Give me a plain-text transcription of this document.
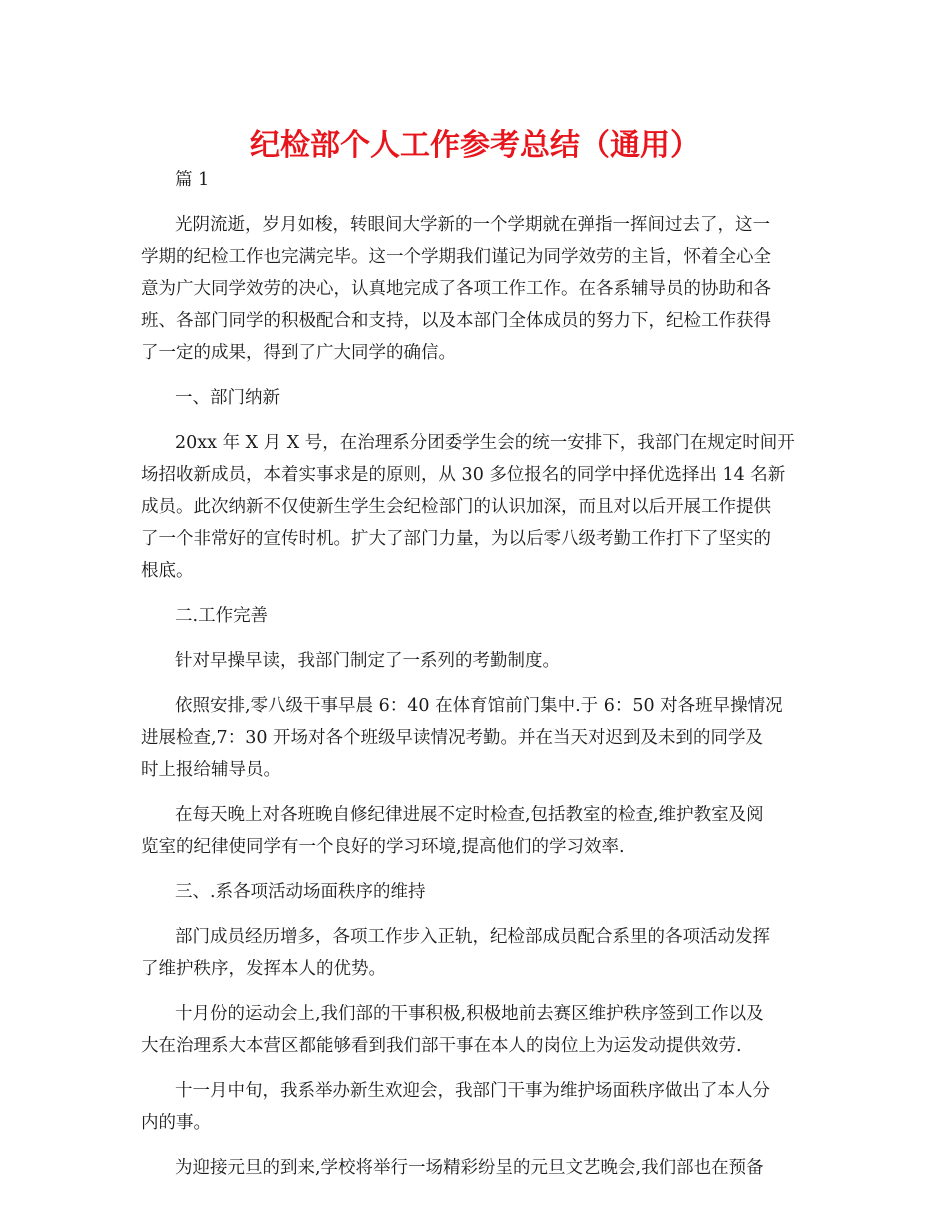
纪检部个人工作参考总结（通用）
篇 1
光阴流逝，岁月如梭，转眼间大学新的一个学期就在弹指一挥间过去了，这一
学期的纪检工作也完满完毕。这一个学期我们谨记为同学效劳的主旨，怀着全心全
意为广大同学效劳的决心，认真地完成了各项工作工作。在各系辅导员的协助和各
班、各部门同学的积极配合和支持，以及本部门全体成员的努力下，纪检工作获得
了一定的成果，得到了广大同学的确信。
一、部门纳新
20xx 年 X 月 X 号，在治理系分团委学生会的统一安排下，我部门在规定时间开
场招收新成员，本着实事求是的原则，从 30 多位报名的同学中择优选择出 14 名新
成员。此次纳新不仅使新生学生会纪检部门的认识加深，而且对以后开展工作提供
了一个非常好的宣传时机。扩大了部门力量，为以后零八级考勤工作打下了坚实的
根底。
二.工作完善
针对早操早读，我部门制定了一系列的考勤制度。
依照安排,零八级干事早晨 6：40 在体育馆前门集中.于 6：50 对各班早操情况
进展检查,7：30 开场对各个班级早读情况考勤。并在当天对迟到及未到的同学及
时上报给辅导员。
在每天晚上对各班晚自修纪律进展不定时检查,包括教室的检查,维护教室及阅
览室的纪律使同学有一个良好的学习环境,提高他们的学习效率.
三、.系各项活动场面秩序的维持
部门成员经历增多，各项工作步入正轨，纪检部成员配合系里的各项活动发挥
了维护秩序，发挥本人的优势。
十月份的运动会上,我们部的干事积极,积极地前去赛区维护秩序签到工作以及
大在治理系大本营区都能够看到我们部干事在本人的岗位上为运发动提供效劳.
十一月中旬，我系举办新生欢迎会，我部门干事为维护场面秩序做出了本人分
内的事。
为迎接元旦的到来,学校将举行一场精彩纷呈的元旦文艺晚会,我们部也在预备
